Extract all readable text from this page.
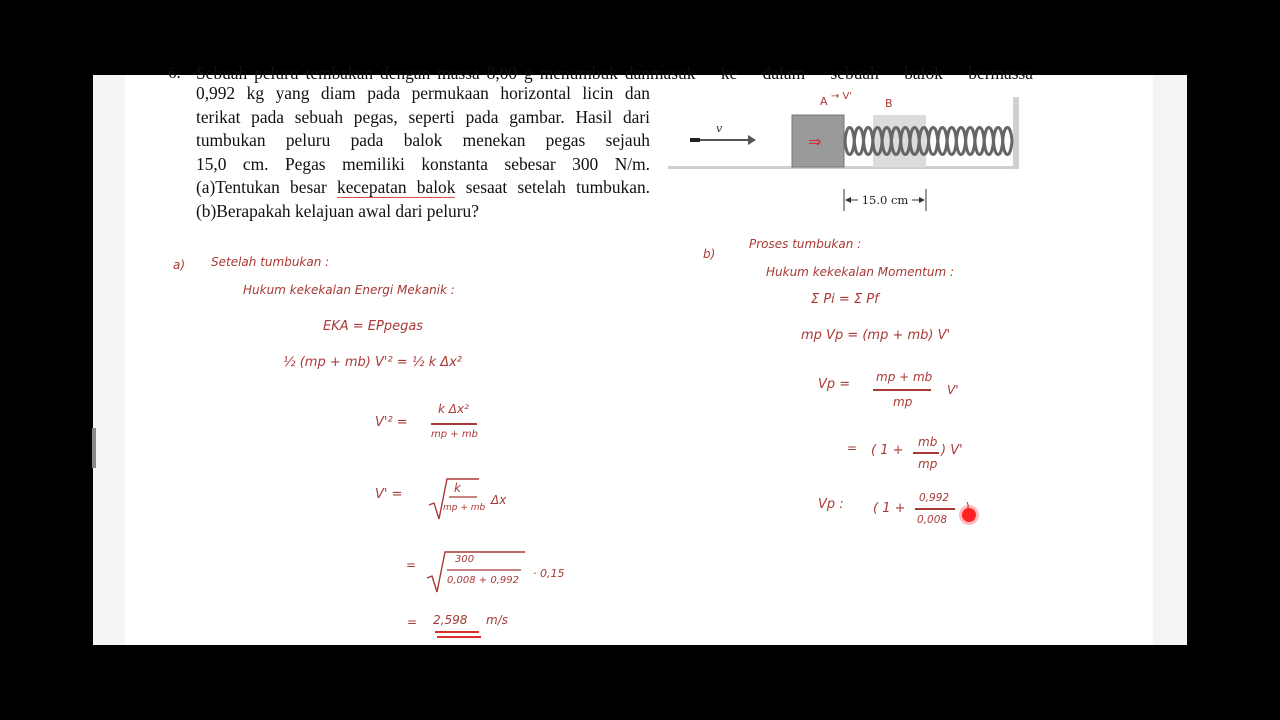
6. Sebuah peluru tembakan dengan massa 8,00 g menumbuk dan
0,992 kg yang diam pada permukaan horizontal licin dan
terikat pada sebuah pegas, seperti pada gambar. Hasil dari
tumbukan peluru pada balok menekan pegas sejauh
15,0 cm. Pegas memiliki konstanta sebesar 300 N/m.
(a)Tentukan besar kecepatan balok sesaat setelah tumbukan.
(b)Berapakah kelajuan awal dari peluru?
masuk ke dalam sebuah balok bermassa
⇒
v
A → V'
B
15.0 cm
a) Setelah tumbukan :
Hukum kekekalan Energi Mekanik :
EKA = EPpegas
½ (mp + mb) V'² = ½ k Δx²
V'² =
k Δx²
mp + mb
V' =	k
mp + mb
Δx
=	300
0,008 + 0,992
· 0,15
= 2,598 m/s
b)
Proses tumbukan :
Hukum kekekalan Momentum :
Σ Pi = Σ Pf
mp Vp = (mp + mb) V'
Vp = mp + mb
mp
V'
= ( 1 +
mb
mp
) V'
Vp : ( 1 +
0,992
0,008
